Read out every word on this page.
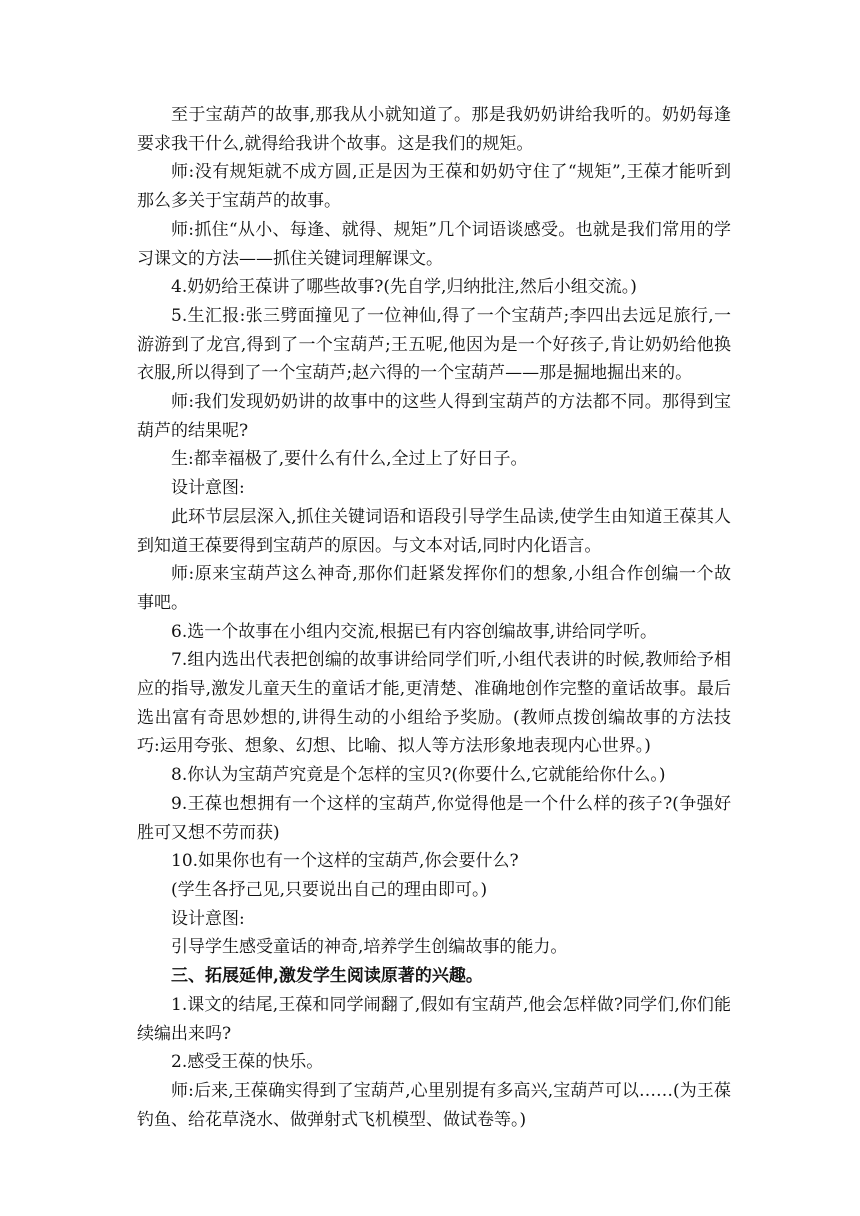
至于宝葫芦的故事,那我从小就知道了。那是我奶奶讲给我听的。奶奶每逢要求我干什么,就得给我讲个故事。这是我们的规矩。

师:没有规矩就不成方圆,正是因为王葆和奶奶守住了“规矩”,王葆才能听到那么多关于宝葫芦的故事。

师:抓住“从小、每逢、就得、规矩”几个词语谈感受。也就是我们常用的学习课文的方法——抓住关键词理解课文。

4.奶奶给王葆讲了哪些故事?(先自学,归纳批注,然后小组交流。)

5.生汇报:张三劈面撞见了一位神仙,得了一个宝葫芦;李四出去远足旅行,一游游到了龙宫,得到了一个宝葫芦;王五呢,他因为是一个好孩子,肯让奶奶给他换衣服,所以得到了一个宝葫芦;赵六得的一个宝葫芦——那是掘地掘出来的。

师:我们发现奶奶讲的故事中的这些人得到宝葫芦的方法都不同。那得到宝葫芦的结果呢?

生:都幸福极了,要什么有什么,全过上了好日子。

设计意图:

此环节层层深入,抓住关键词语和语段引导学生品读,使学生由知道王葆其人到知道王葆要得到宝葫芦的原因。与文本对话,同时内化语言。

师:原来宝葫芦这么神奇,那你们赶紧发挥你们的想象,小组合作创编一个故事吧。

6.选一个故事在小组内交流,根据已有内容创编故事,讲给同学听。

7.组内选出代表把创编的故事讲给同学们听,小组代表讲的时候,教师给予相应的指导,激发儿童天生的童话才能,更清楚、准确地创作完整的童话故事。最后选出富有奇思妙想的,讲得生动的小组给予奖励。(教师点拨创编故事的方法技巧:运用夸张、想象、幻想、比喻、拟人等方法形象地表现内心世界。)

8.你认为宝葫芦究竟是个怎样的宝贝?(你要什么,它就能给你什么。)

9.王葆也想拥有一个这样的宝葫芦,你觉得他是一个什么样的孩子?(争强好胜可又想不劳而获)

10.如果你也有一个这样的宝葫芦,你会要什么?

(学生各抒己见,只要说出自己的理由即可。)

设计意图:

引导学生感受童话的神奇,培养学生创编故事的能力。

三、拓展延伸,激发学生阅读原著的兴趣。

1.课文的结尾,王葆和同学闹翻了,假如有宝葫芦,他会怎样做?同学们,你们能续编出来吗?

2.感受王葆的快乐。

师:后来,王葆确实得到了宝葫芦,心里别提有多高兴,宝葫芦可以……(为王葆钓鱼、给花草浇水、做弹射式飞机模型、做试卷等。)
